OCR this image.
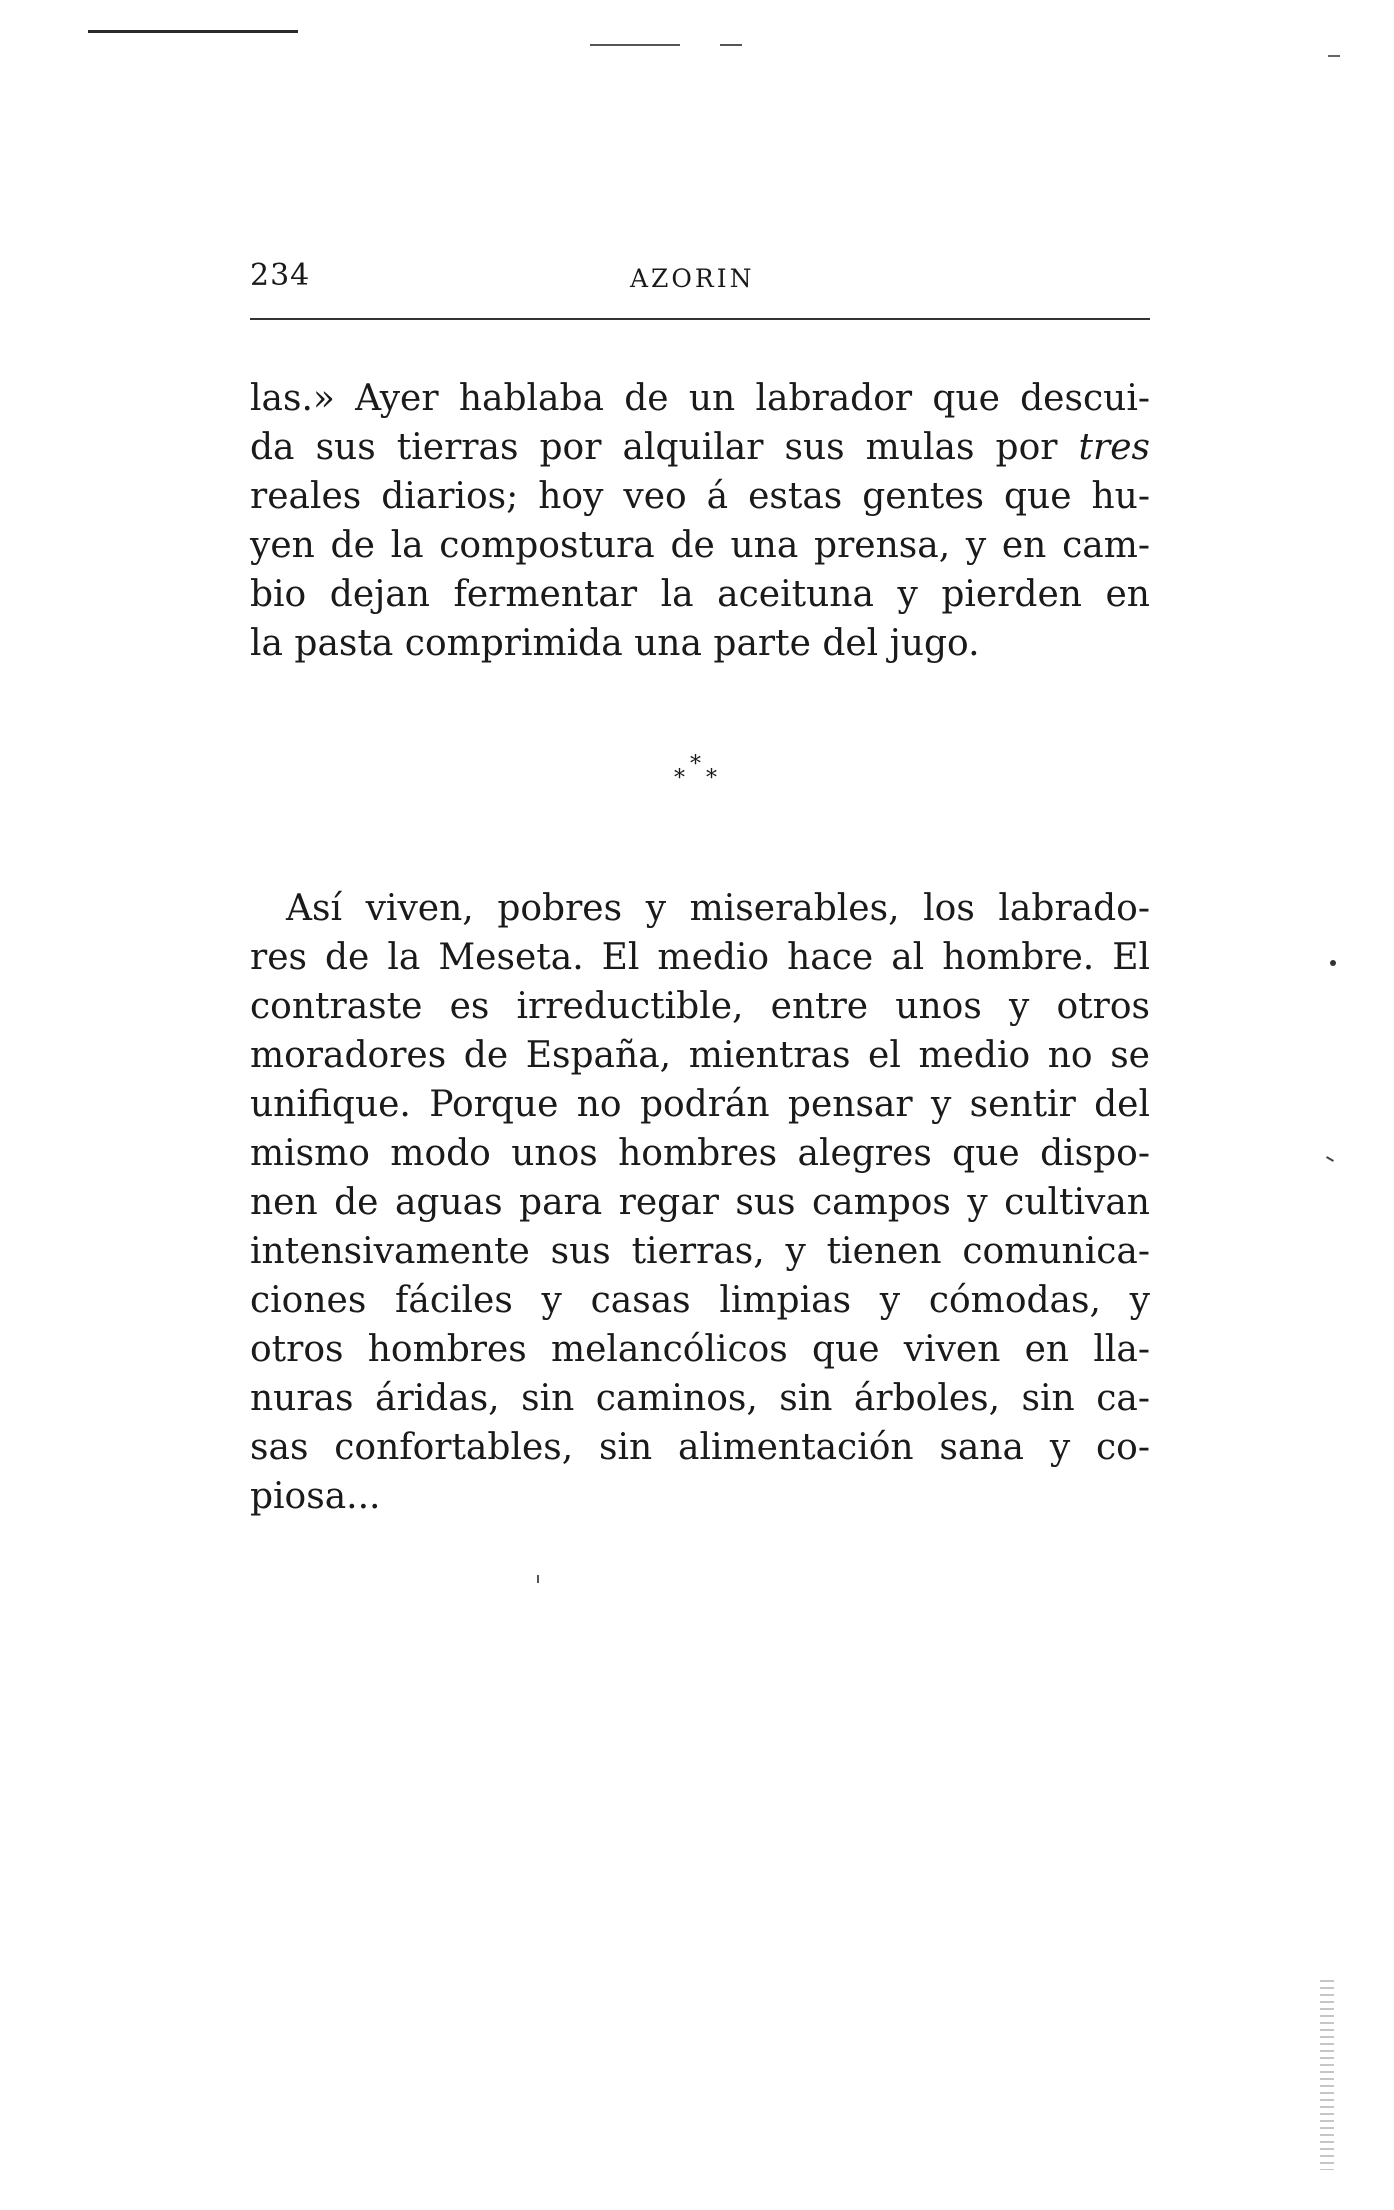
234	AZORIN
las.» Ayer hablaba de un labrador que descui-
da sus tierras por alquilar sus mulas por tres
reales diarios; hoy veo á estas gentes que hu-
yen de la compostura de una prensa, y en cam-
bio dejan fermentar la aceituna y pierden en
la pasta comprimida una parte del jugo.
*
* *
Así viven, pobres y miserables, los labrado-
res de la Meseta. El medio hace al hombre. El
contraste es irreductible, entre unos y otros
moradores de España, mientras el medio no se
unifique. Porque no podrán pensar y sentir del
mismo modo unos hombres alegres que dispo-
nen de aguas para regar sus campos y cultivan
intensivamente sus tierras, y tienen comunica-
ciones fáciles y casas limpias y cómodas, y
otros hombres melancólicos que viven en lla-
nuras áridas, sin caminos, sin árboles, sin ca-
sas confortables, sin alimentación sana y co-
piosa...
